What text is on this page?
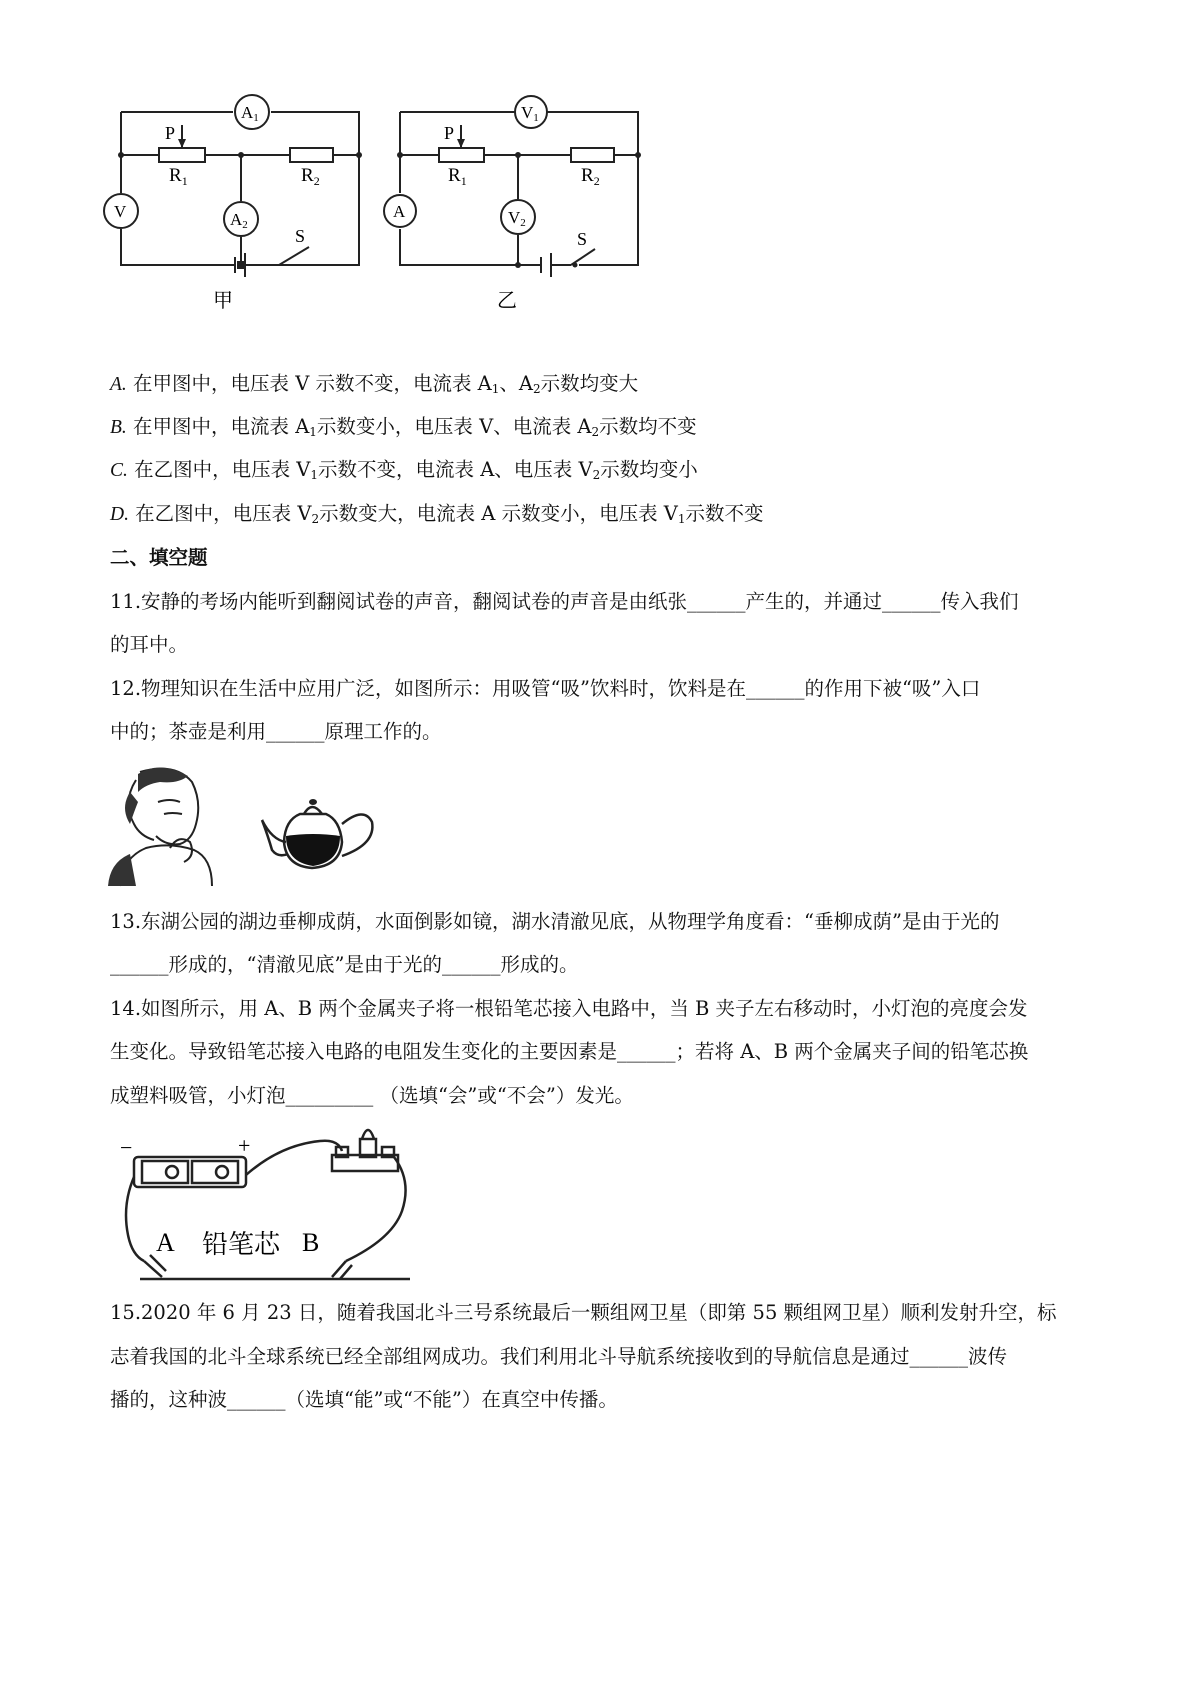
$R_1$	$R_2$
P
A1
V	A2
S
甲
$R_1$	$R_2$
P
V1
A	V2
S
乙
A. 在甲图中，电压表 V 示数不变，电流表 $A_1$、$A_2$示数均变大
B. 在甲图中，电流表 $A_1$示数变小，电压表 V、电流表 $A_2$示数均不变
C. 在乙图中，电压表 $V_1$示数不变，电流表 A、电压表 $V_2$示数均变小
D. 在乙图中，电压表 $V_2$示数变大，电流表 A 示数变小，电压表 $V_1$示数不变
二、填空题
11.安静的考场内能听到翻阅试卷的声音，翻阅试卷的声音是由纸张______产生的，并通过______传入我们
的耳中。
12.物理知识在生活中应用广泛，如图所示：用吸管“吸”饮料时，饮料是在______的作用下被“吸”入口
中的；茶壶是利用______原理工作的。
13.东湖公园的湖边垂柳成荫，水面倒影如镜，湖水清澈见底，从物理学角度看：“垂柳成荫”是由于光的
______形成的，“清澈见底”是由于光的______形成的。
14.如图所示，用 A、B 两个金属夹子将一根铅笔芯接入电路中，当 B 夹子左右移动时，小灯泡的亮度会发
生变化。导致铅笔芯接入电路的电阻发生变化的主要因素是______；若将 A、B 两个金属夹子间的铅笔芯换
成塑料吸管，小灯泡_________ （选填“会”或“不会”）发光。
−	+
A 铅笔芯 B
15.2020 年 6 月 23 日，随着我国北斗三号系统最后一颗组网卫星（即第 55 颗组网卫星）顺利发射升空，标
志着我国的北斗全球系统已经全部组网成功。我们利用北斗导航系统接收到的导航信息是通过______波传
播的，这种波______（选填“能”或“不能”）在真空中传播。
